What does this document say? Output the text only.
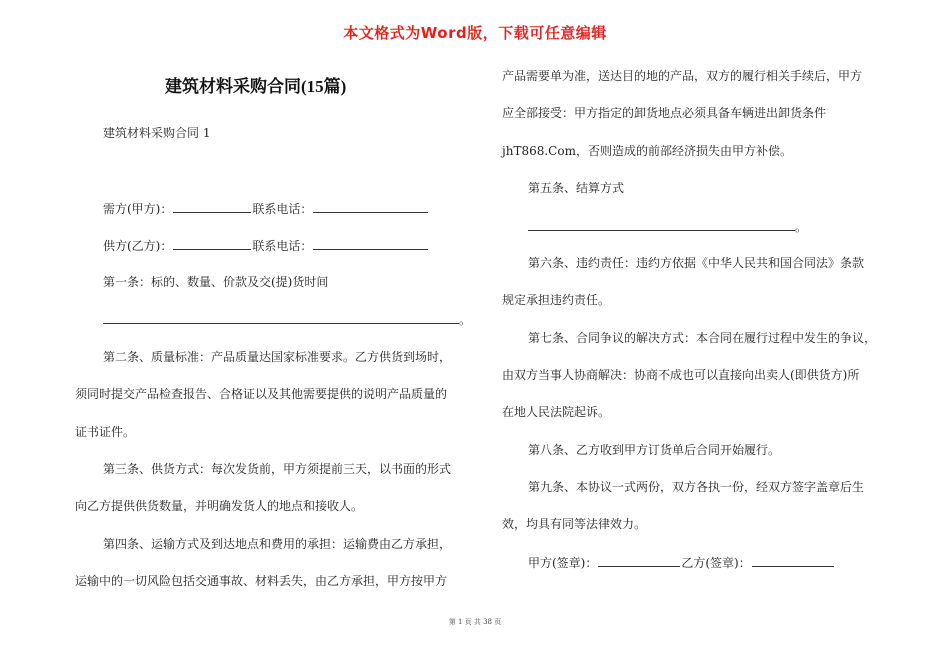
本文格式为Word版，下载可任意编辑
建筑材料采购合同(15篇)
建筑材料采购合同 1
需方(甲方)：	联系电话：
供方(乙方)：	联系电话：
第一条：标的、数量、价款及交(提)货时间
。
第二条、质量标准：产品质量达国家标准要求。乙方供货到场时，
须同时提交产品检查报告、合格证以及其他需要提供的说明产品质量的
证书证件。
第三条、供货方式：每次发货前，甲方须提前三天，以书面的形式
向乙方提供供货数量，并明确发货人的地点和接收人。
第四条、运输方式及到达地点和费用的承担：运输费由乙方承担，
运输中的一切风险包括交通事故、材料丢失，由乙方承担，甲方按甲方
产品需要单为准，送达目的地的产品，双方的履行相关手续后，甲方
应全部接受：甲方指定的卸货地点必须具备车辆进出卸货条件
jhT868.Com，否则造成的前部经济损失由甲方补偿。
第五条、结算方式
。
第六条、违约责任：违约方依据《中华人民共和国合同法》条款
规定承担违约责任。
第七条、合同争议的解决方式：本合同在履行过程中发生的争议，
由双方当事人协商解决：协商不成也可以直接向出卖人(即供货方)所
在地人民法院起诉。
第八条、乙方收到甲方订货单后合同开始履行。
第九条、本协议一式两份，双方各执一份，经双方签字盖章后生
效，均具有同等法律效力。
甲方(签章)：	乙方(签章)：
第 1 页 共 38 页
